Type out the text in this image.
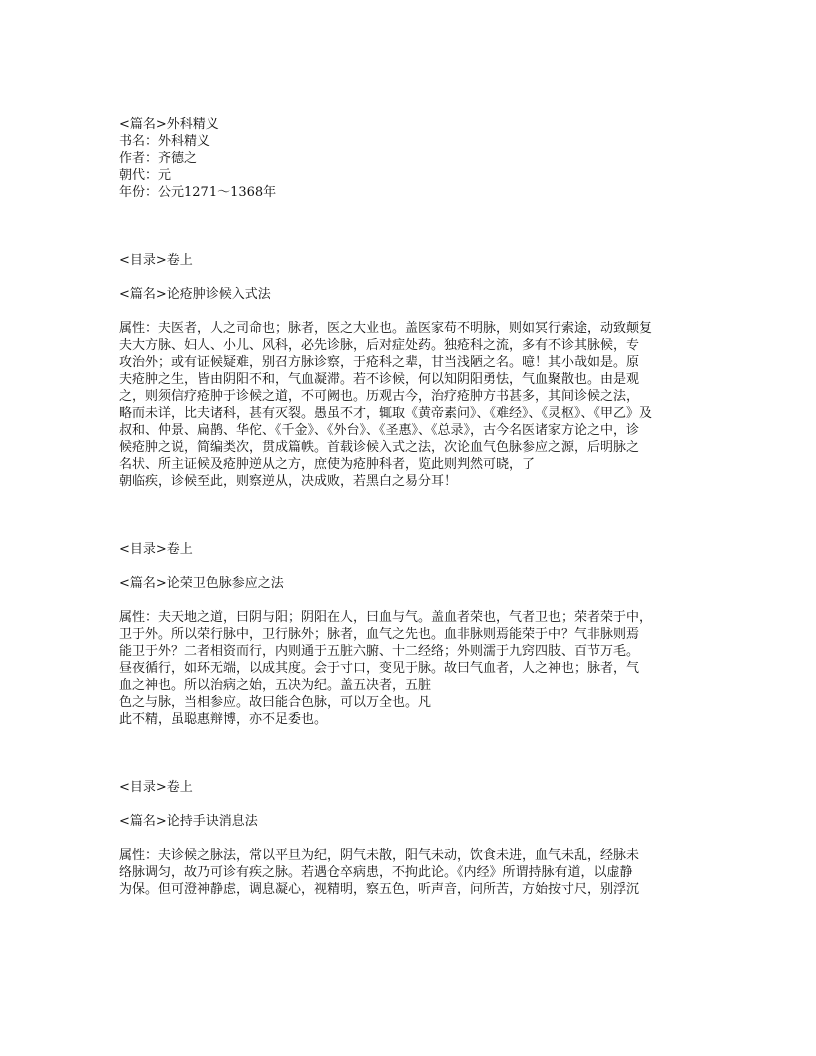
<篇名>外科精义
书名：外科精义
作者：齐德之
朝代：元
年份：公元1271～1368年
<目录>卷上
<篇名>论疮肿诊候入式法
属性：夫医者，人之司命也；脉者，医之大业也。盖医家苟不明脉，则如冥行索途，动致颠复
夫大方脉、妇人、小儿、风科，必先诊脉，后对症处药。独疮科之流，多有不诊其脉候，专
攻治外；或有证候疑难，别召方脉诊察，于疮科之辈，甘当浅陋之名。噫！其小哉如是。原
夫疮肿之生，皆由阴阳不和，气血凝滞。若不诊候，何以知阴阳勇怯，气血聚散也。由是观
之，则须信疗疮肿于诊候之道，不可阙也。历观古今，治疗疮肿方书甚多，其间诊候之法，
略而未详，比夫诸科，甚有灭裂。愚虽不才，辄取《黄帝素问》、《难经》、《灵枢》、《甲乙》及
叔和、仲景、扁鹊、华佗、《千金》、《外台》、《圣惠》、《总录》，古今名医诸家方论之中，诊
候疮肿之说，简编类次，贯成篇帙。首载诊候入式之法，次论血气色脉参应之源，后明脉之
名状、所主证候及疮肿逆从之方，庶使为疮肿科者，览此则判然可晓，了
朝临疾，诊候至此，则察逆从，决成败，若黑白之易分耳！
<目录>卷上
<篇名>论荣卫色脉参应之法
属性：夫天地之道，曰阴与阳；阴阳在人，曰血与气。盖血者荣也，气者卫也；荣者荣于中，
卫于外。所以荣行脉中，卫行脉外；脉者，血气之先也。血非脉则焉能荣于中？气非脉则焉
能卫于外？二者相资而行，内则通于五脏六腑、十二经络；外则濡于九窍四肢、百节万毛。
昼夜循行，如环无端，以成其度。会于寸口，变见于脉。故曰气血者，人之神也；脉者，气
血之神也。所以治病之始，五决为纪。盖五决者，五脏
色之与脉，当相参应。故曰能合色脉，可以万全也。凡
此不精，虽聪惠辩博，亦不足委也。
<目录>卷上
<篇名>论持手诀消息法
属性：夫诊候之脉法，常以平旦为纪，阴气未散，阳气未动，饮食未进，血气未乱，经脉未
络脉调匀，故乃可诊有疾之脉。若遇仓卒病患，不拘此论。《内经》所谓持脉有道，以虚静
为保。但可澄神静虑，调息凝心，视精明，察五色，听声音，问所苦，方始按寸尺，别浮沉
